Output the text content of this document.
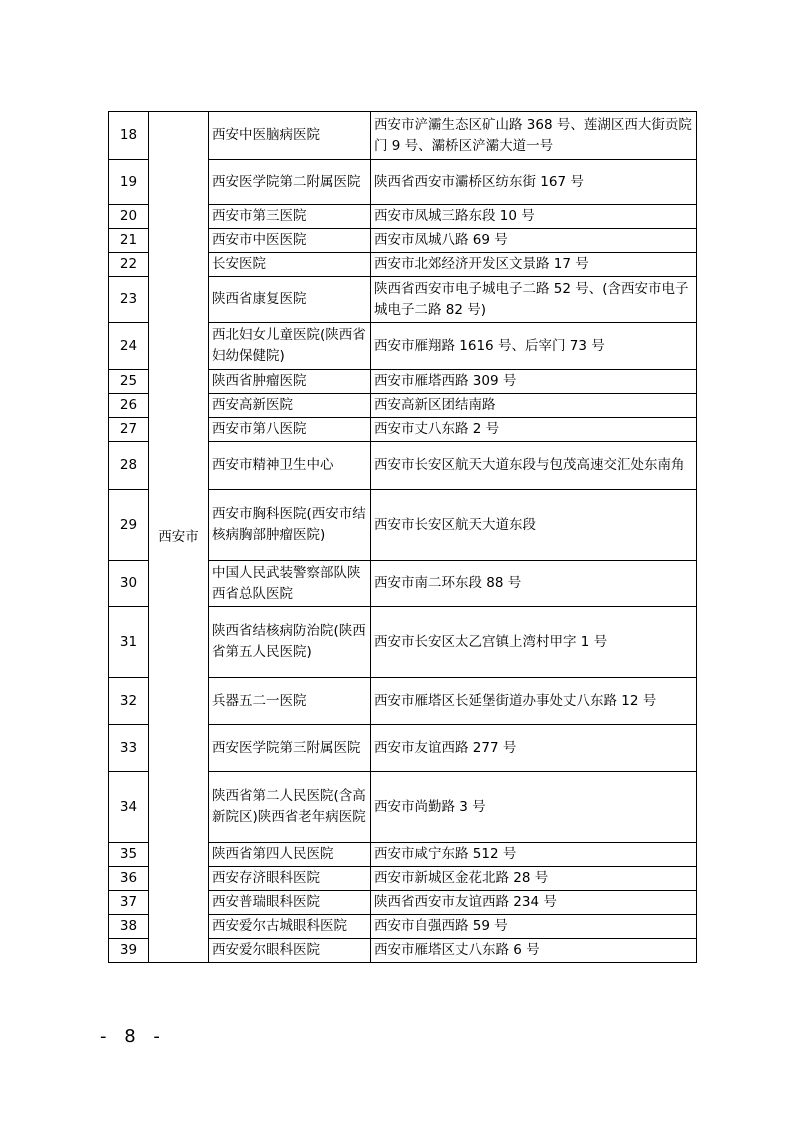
18	西安市	西安中医脑病医院	西安市浐灞生态区矿山路 368 号、莲湖区西大街贡院门 9 号、灞桥区浐灞大道一号
19		西安医学院第二附属医院	陕西省西安市灞桥区纺东街 167 号
20		西安市第三医院	西安市凤城三路东段 10 号
21		西安市中医医院	西安市凤城八路 69 号
22		长安医院	西安市北郊经济开发区文景路 17 号
23		陕西省康复医院	陕西省西安市电子城电子二路 52 号、(含西安市电子城电子二路 82 号)
24		西北妇女儿童医院(陕西省妇幼保健院)	西安市雁翔路 1616 号、后宰门 73 号
25		陕西省肿瘤医院	西安市雁塔西路 309 号
26		西安高新医院	西安高新区团结南路
27		西安市第八医院	西安市丈八东路 2 号
28		西安市精神卫生中心	西安市长安区航天大道东段与包茂高速交汇处东南角
29		西安市胸科医院(西安市结核病胸部肿瘤医院)	西安市长安区航天大道东段
30		中国人民武装警察部队陕西省总队医院	西安市南二环东段 88 号
31		陕西省结核病防治院(陕西省第五人民医院)	西安市长安区太乙宫镇上湾村甲字 1 号
32		兵器五二一医院	西安市雁塔区长延堡街道办事处丈八东路 12 号
33		西安医学院第三附属医院	西安市友谊西路 277 号
34		陕西省第二人民医院(含高新院区)陕西省老年病医院	西安市尚勤路 3 号
35		陕西省第四人民医院	西安市咸宁东路 512 号
36		西安存济眼科医院	西安市新城区金花北路 28 号
37		西安普瑞眼科医院	陕西省西安市友谊西路 234 号
38		西安爱尔古城眼科医院	西安市自强西路 59 号
39		西安爱尔眼科医院	西安市雁塔区丈八东路 6 号
- 8 -
